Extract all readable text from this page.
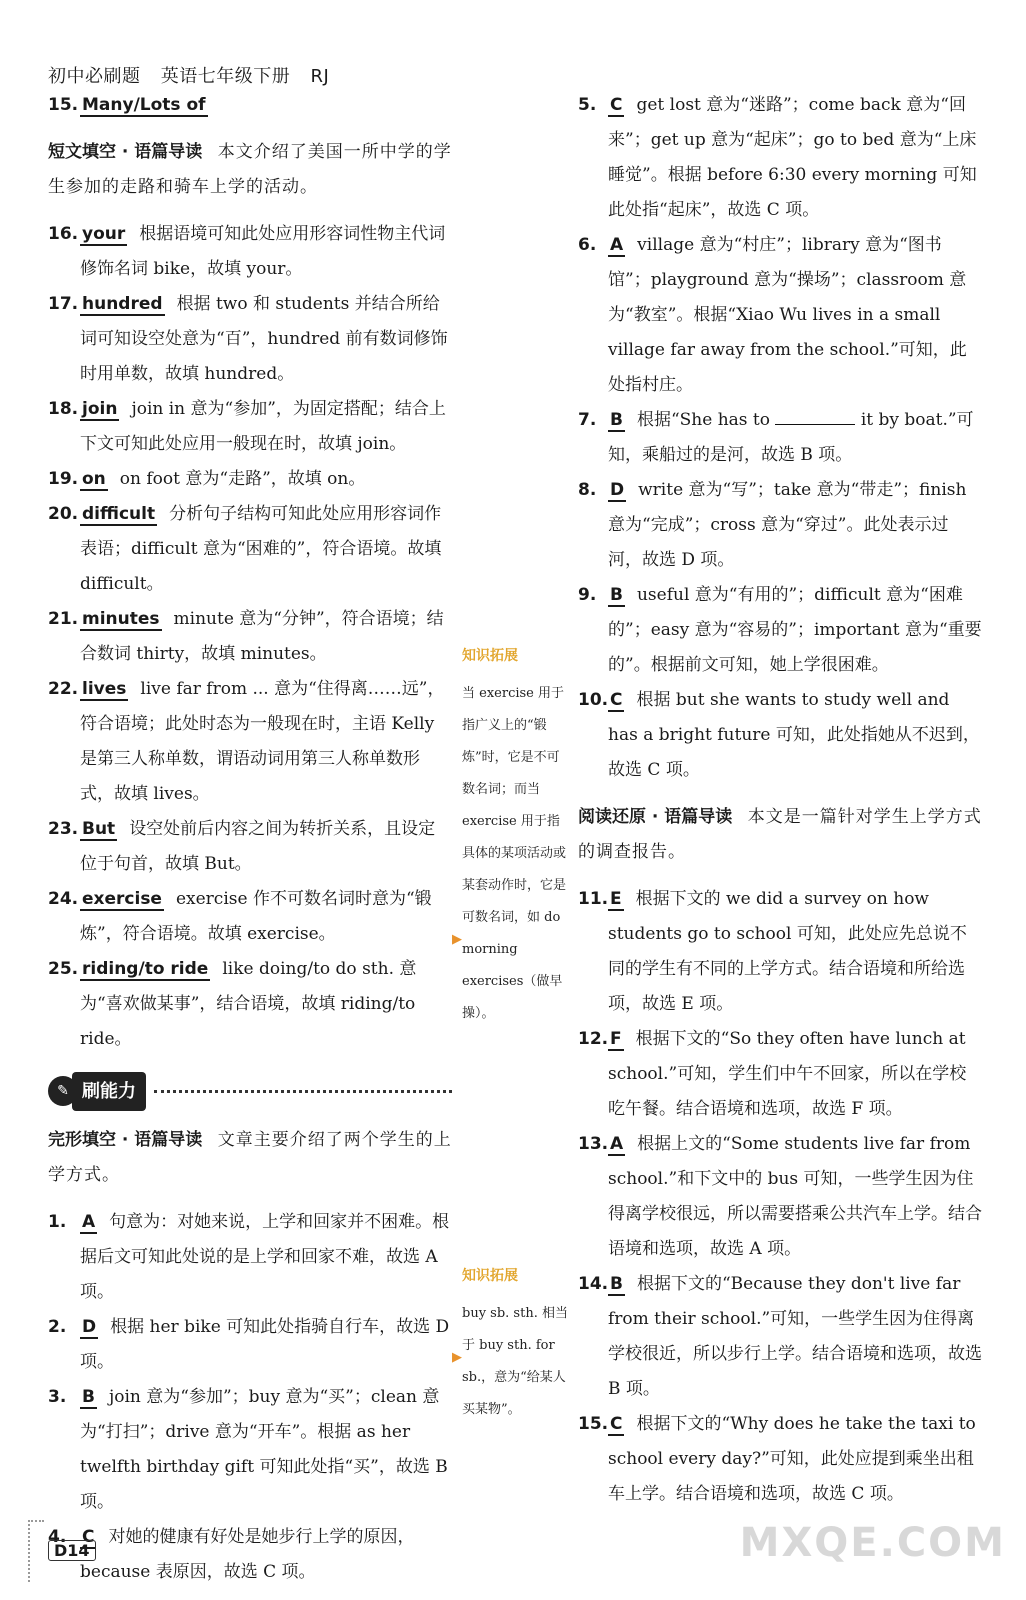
初中必刷题 英语七年级下册 RJ

15. Many/Lots of

短文填空 · 语篇导读 本文介绍了美国一所中学的学生参加的走路和骑车上学的活动。

16. your 根据语境可知此处应用形容词性物主代词修饰名词 bike，故填 your。

17. hundred 根据 two 和 students 并结合所给词可知设空处意为“百”，hundred 前有数词修饰时用单数，故填 hundred。

18. join join in 意为“参加”，为固定搭配；结合上下文可知此处应用一般现在时，故填 join。

19. on on foot 意为“走路”，故填 on。

20. difficult 分析句子结构可知此处应用形容词作表语；difficult 意为“困难的”，符合语境。故填 difficult。

21. minutes minute 意为“分钟”，符合语境；结合数词 thirty，故填 minutes。

22. lives live far from ... 意为“住得离……远”，符合语境；此处时态为一般现在时，主语 Kelly 是第三人称单数，谓语动词用第三人称单数形式，故填 lives。

23. But 设空处前后内容之间为转折关系，且设定位于句首，故填 But。

24. exercise exercise 作不可数名词时意为“锻炼”，符合语境。故填 exercise。

25. riding/to ride like doing/to do sth. 意为“喜欢做某事”，结合语境，故填 riding/to ride。

✎ 刷能力
完形填空 · 语篇导读 文章主要介绍了两个学生的上学方式。

1. A 句意为：对她来说，上学和回家并不困难。根据后文可知此处说的是上学和回家不难，故选 A 项。

2. D 根据 her bike 可知此处指骑自行车，故选 D 项。

3. B join 意为“参加”；buy 意为“买”；clean 意为“打扫”；drive 意为“开车”。根据 as her twelfth birthday gift 可知此处指“买”，故选 B 项。

4. C 对她的健康有好处是她步行上学的原因，because 表原因，故选 C 项。

知识拓展
当 exercise 用于指广义上的“锻炼”时，它是不可数名词；而当 exercise 用于指具体的某项活动或某套动作时，它是可数名词，如 do morning exercises（做早操）。
知识拓展
buy sb. sth. 相当于 buy sth. for sb.，意为“给某人买某物”。
▶
▶

5. C get lost 意为“迷路”；come back 意为“回来”；get up 意为“起床”；go to bed 意为“上床睡觉”。根据 before 6:30 every morning 可知此处指“起床”，故选 C 项。

6. A village 意为“村庄”；library 意为“图书馆”；playground 意为“操场”；classroom 意为“教室”。根据“Xiao Wu lives in a small village far away from the school.”可知，此处指村庄。

7. B 根据“She has to	it by boat.”可知，乘船过的是河，故选 B 项。

8. D write 意为“写”；take 意为“带走”；finish 意为“完成”；cross 意为“穿过”。此处表示过河，故选 D 项。

9. B useful 意为“有用的”；difficult 意为“困难的”；easy 意为“容易的”；important 意为“重要的”。根据前文可知，她上学很困难。

10. C 根据 but she wants to study well and has a bright future 可知，此处指她从不迟到，故选 C 项。

阅读还原 · 语篇导读 本文是一篇针对学生上学方式的调查报告。

11. E 根据下文的 we did a survey on how students go to school 可知，此处应先总说不同的学生有不同的上学方式。结合语境和所给选项，故选 E 项。

12. F 根据下文的“So they often have lunch at school.”可知，学生们中午不回家，所以在学校吃午餐。结合语境和选项，故选 F 项。

13. A 根据上文的“Some students live far from school.”和下文中的 bus 可知，一些学生因为住得离学校很远，所以需要搭乘公共汽车上学。结合语境和选项，故选 A 项。

14. B 根据下文的“Because they don't live far from their school.”可知，一些学生因为住得离学校很近，所以步行上学。结合语境和选项，故选 B 项。

15. C 根据下文的“Why does he take the taxi to school every day?”可知，此处应提到乘坐出租车上学。结合语境和选项，故选 C 项。

D14	MXQE.COM
